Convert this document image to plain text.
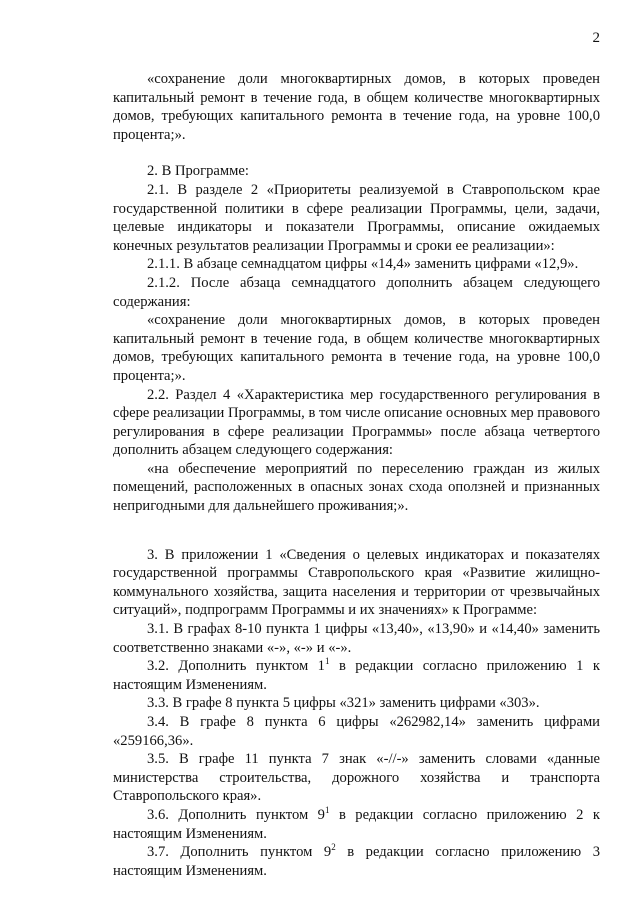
2

«сохранение доли многоквартирных домов, в которых проведен капитальный ремонт в течение года, в общем количестве многоквартирных домов, требующих капитального ремонта в течение года, на уровне 100,0 процента;».

2. В Программе:

2.1. В разделе 2 «Приоритеты реализуемой в Ставропольском крае государственной политики в сфере реализации Программы, цели, задачи, целевые индикаторы и показатели Программы, описание ожидаемых конечных результатов реализации Программы и сроки ее реализации»:

2.1.1. В абзаце семнадцатом цифры «14,4» заменить цифрами «12,9».

2.1.2. После абзаца семнадцатого дополнить абзацем следующего содержания:

«сохранение доли многоквартирных домов, в которых проведен капитальный ремонт в течение года, в общем количестве многоквартирных домов, требующих капитального ремонта в течение года, на уровне 100,0 процента;».

2.2. Раздел 4 «Характеристика мер государственного регулирования в сфере реализации Программы, в том числе описание основных мер правового регулирования в сфере реализации Программы» после абзаца четвертого дополнить абзацем следующего содержания:

«на обеспечение мероприятий по переселению граждан из жилых помещений, расположенных в опасных зонах схода оползней и признанных непригодными для дальнейшего проживания;».

3. В приложении 1 «Сведения о целевых индикаторах и показателях государственной программы Ставропольского края «Развитие жилищно-коммунального хозяйства, защита населения и территории от чрезвычайных ситуаций», подпрограмм Программы и их значениях» к Программе:

3.1. В графах 8-10 пункта 1 цифры «13,40», «13,90» и «14,40» заменить соответственно знаками «-», «-» и «-».

3.2. Дополнить пунктом $1^1$ в редакции согласно приложению 1 к настоящим Изменениям.

3.3. В графе 8 пункта 5 цифры «321» заменить цифрами «303».

3.4. В графе 8 пункта 6 цифры «262982,14» заменить цифрами «259166,36».

3.5. В графе 11 пункта 7 знак «-//-» заменить словами «данные министерства строительства, дорожного хозяйства и транспорта Ставропольского края».

3.6. Дополнить пунктом $9^1$ в редакции согласно приложению 2 к настоящим Изменениям.

3.7. Дополнить пунктом $9^2$ в редакции согласно приложению 3 настоящим Изменениям.
